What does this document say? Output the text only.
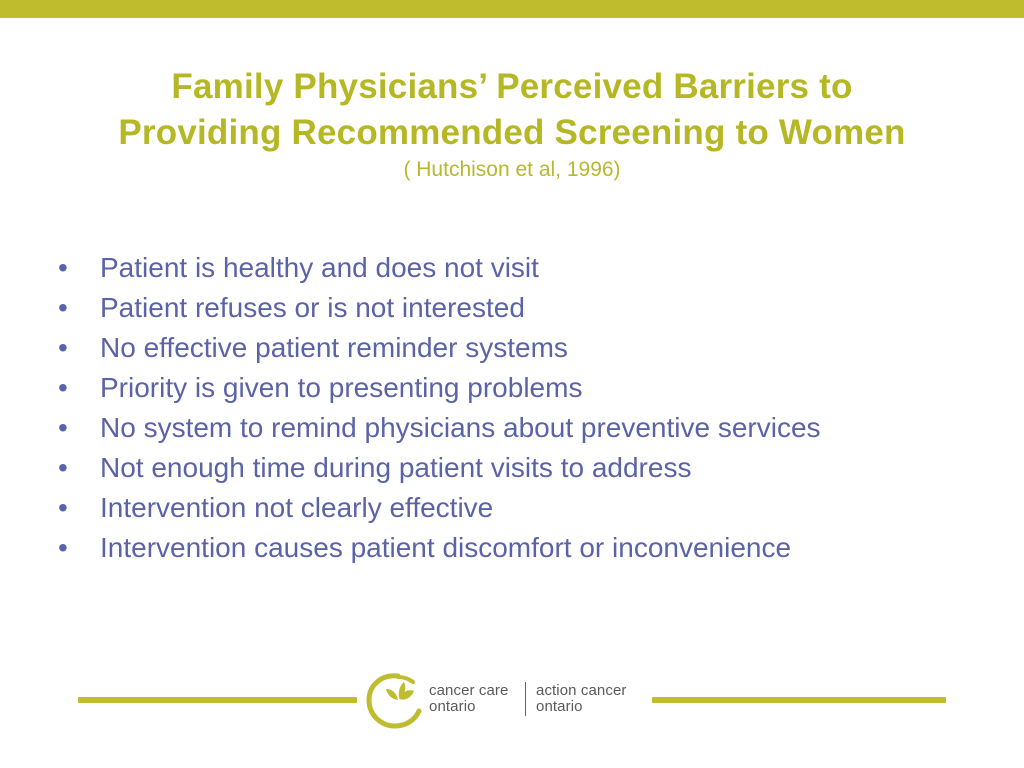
Family Physicians’ Perceived Barriers to
Providing Recommended Screening to Women
( Hutchison et al, 1996)
•	Patient is healthy and does not visit
•	Patient refuses or is not interested
•	No effective patient reminder systems
•	Priority is given to presenting problems
•	No system to remind physicians about preventive services
•	Not enough time during patient visits to address
•	Intervention not clearly effective
•	Intervention causes patient discomfort or inconvenience
cancer care
ontario
action cancer
ontario
